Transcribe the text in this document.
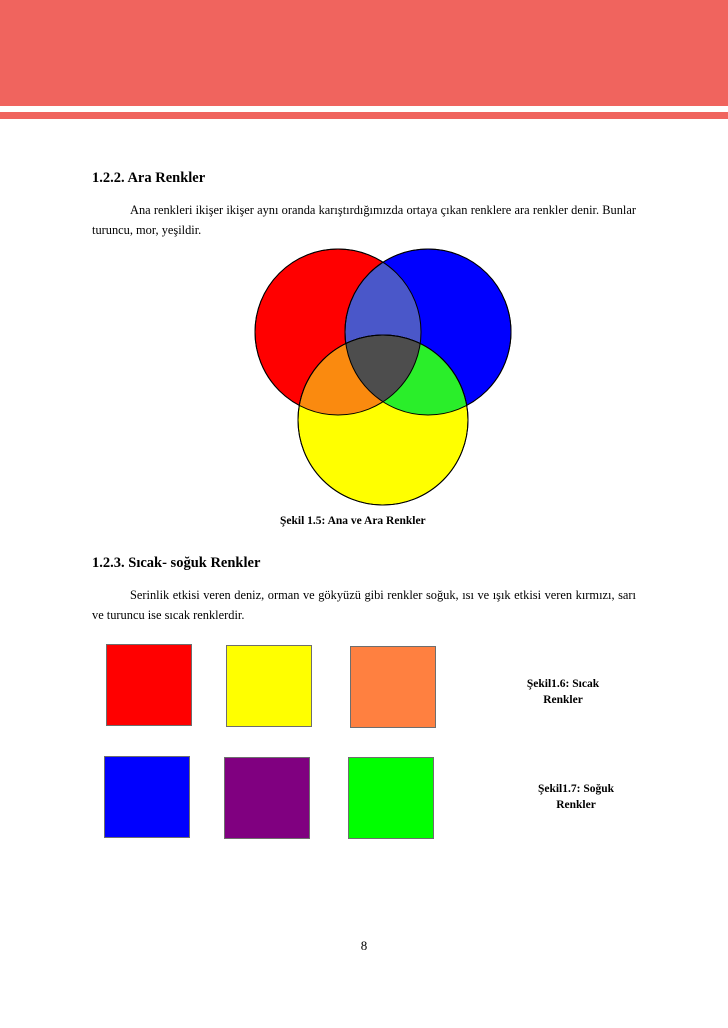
1.2.2. Ara Renkler

Ana renkleri ikişer ikişer aynı oranda karıştırdığımızda ortaya çıkan renklere ara renkler denir. Bunlar turuncu, mor, yeşildir.

Şekil 1.5: Ana ve Ara Renkler

1.2.3. Sıcak- soğuk Renkler

Serinlik etkisi veren deniz, orman ve gökyüzü gibi renkler soğuk, ısı ve ışık etkisi veren kırmızı, sarı ve turuncu ise sıcak renklerdir.

Şekil1.6: Sıcak
Renkler
Şekil1.7: Soğuk
Renkler

8
